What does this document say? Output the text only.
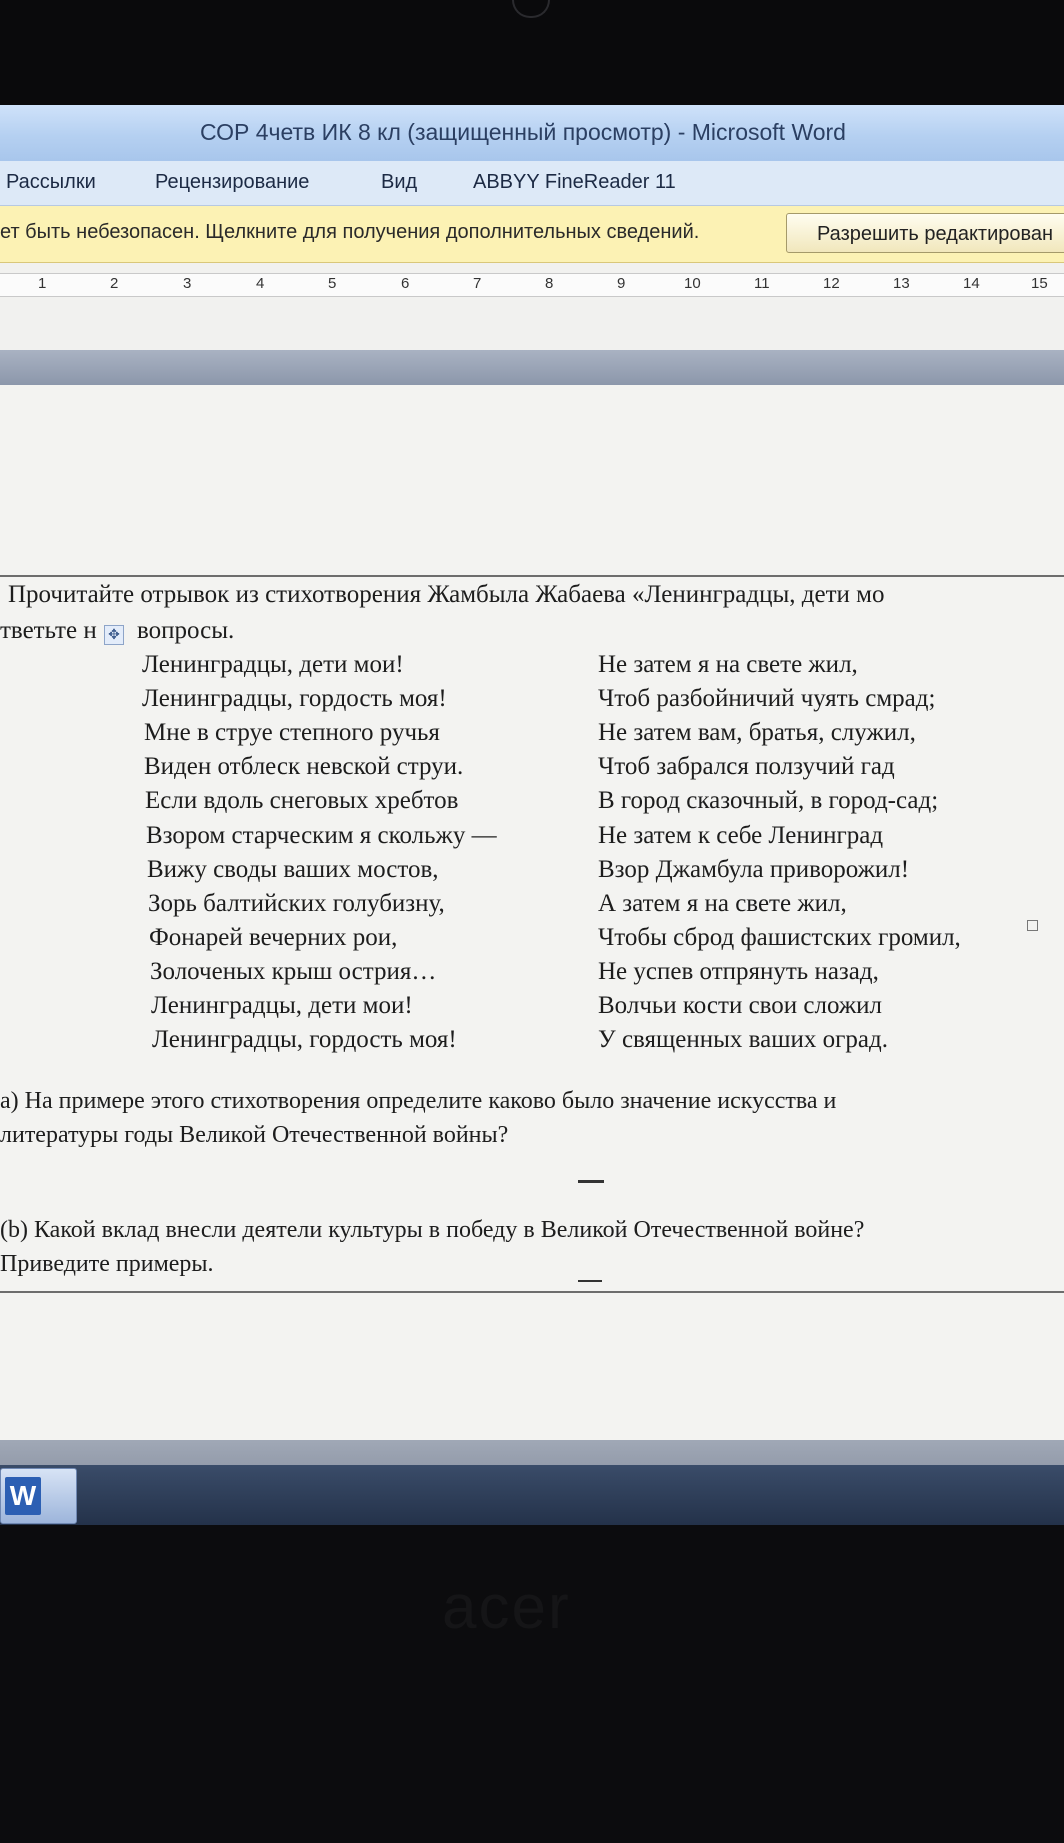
СОР 4четв ИК 8 кл (защищенный просмотр) - Microsoft Word
Рассылки	Рецензирование	Вид	ABBYY FineReader 11
ет быть небезопасен. Щелкните для получения дополнительных сведений.	Разрешить редактирован
1	2	3	4	5	6	7	8	9	10	11	12	13	14	15
Прочитайте отрывок из стихотворения Жамбыла Жабаева «Ленинградцы, дети мо
тветьте н ✥ вопросы.
Ленинградцы, дети мои!
Ленинградцы, гордость моя!
Мне в струе степного ручья
Виден отблеск невской струи.
Если вдоль снеговых хребтов
Взором старческим я скольжу —
Вижу своды ваших мостов,
Зорь балтийских голубизну,
Фонарей вечерних рои,
Золоченых крыш острия…
Ленинградцы, дети мои!
Ленинградцы, гордость моя!
Не затем я на свете жил,
Чтоб разбойничий чуять смрад;
Не затем вам, братья, служил,
Чтоб забрался ползучий гад
В город сказочный, в город-сад;
Не затем к себе Ленинград
Взор Джамбула приворожил!
А затем я на свете жил,
Чтобы сброд фашистских громил,
Не успев отпрянуть назад,
Волчьи кости свои сложил
У священных ваших оград.
а) На примере этого стихотворения определите каково было значение искусства и
литературы годы Великой Отечественной войны?
(b) Какой вклад внесли деятели культуры в победу в Великой Отечественной войне?
Приведите примеры.
W
acer
